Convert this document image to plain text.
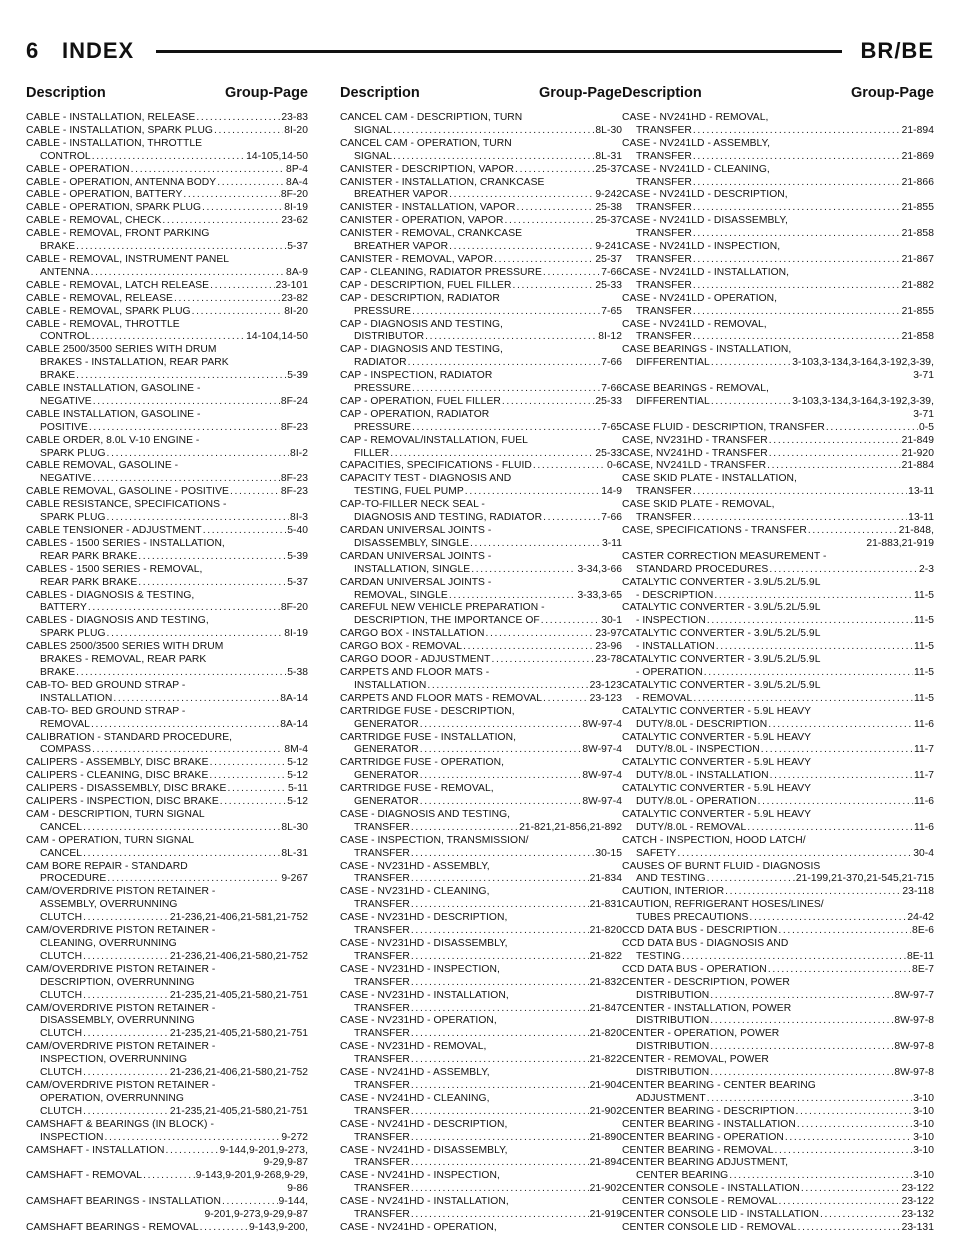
6 INDEX	BR/BE
Description	Group-Page
CABLE - INSTALLATION, RELEASE . . .	23-83
CABLE - INSTALLATION, SPARK PLUG . . .	8I-20
CABLE - INSTALLATION, THROTTLE
CONTROL . . .	14-105,14-50
CABLE - OPERATION . . .	8P-4
CABLE - OPERATION, ANTENNA BODY . . .	8A-4
CABLE - OPERATION, BATTERY . . .	8F-20
CABLE - OPERATION, SPARK PLUG . . .	8I-19
CABLE - REMOVAL, CHECK . . .	23-62
CABLE - REMOVAL, FRONT PARKING
BRAKE . . .	5-37
CABLE - REMOVAL, INSTRUMENT PANEL
ANTENNA . . .	8A-9
CABLE - REMOVAL, LATCH RELEASE . . .	23-101
CABLE - REMOVAL, RELEASE . . .	23-82
CABLE - REMOVAL, SPARK PLUG . . .	8I-20
CABLE - REMOVAL, THROTTLE
CONTROL . . .	14-104,14-50
CABLE 2500/3500 SERIES WITH DRUM
BRAKES - INSTALLATION, REAR PARK
BRAKE . . .	5-39
CABLE INSTALLATION, GASOLINE -
NEGATIVE . . .	8F-24
CABLE INSTALLATION, GASOLINE -
POSITIVE . . .	8F-23
CABLE ORDER, 8.0L V-10 ENGINE -
SPARK PLUG . . .	8I-2
CABLE REMOVAL, GASOLINE -
NEGATIVE . . .	8F-23
CABLE REMOVAL, GASOLINE - POSITIVE . . .	8F-23
CABLE RESISTANCE, SPECIFICATIONS -
SPARK PLUG . . .	8I-3
CABLE TENSIONER - ADJUSTMENT . . .	5-40
CABLES - 1500 SERIES - INSTALLATION,
REAR PARK BRAKE . . .	5-39
CABLES - 1500 SERIES - REMOVAL,
REAR PARK BRAKE . . .	5-37
CABLES - DIAGNOSIS & TESTING,
BATTERY . . .	8F-20
CABLES - DIAGNOSIS AND TESTING,
SPARK PLUG . . .	8I-19
CABLES 2500/3500 SERIES WITH DRUM
BRAKES - REMOVAL, REAR PARK
BRAKE . . .	5-38
CAB-TO- BED GROUND STRAP -
INSTALLATION . . .	8A-14
CAB-TO- BED GROUND STRAP -
REMOVAL . . .	8A-14
CALIBRATION - STANDARD PROCEDURE,
COMPASS . . .	8M-4
CALIPERS - ASSEMBLY, DISC BRAKE . . .	5-12
CALIPERS - CLEANING, DISC BRAKE . . .	5-12
CALIPERS - DISASSEMBLY, DISC BRAKE . . .	5-11
CALIPERS - INSPECTION, DISC BRAKE . . .	5-12
CAM - DESCRIPTION, TURN SIGNAL
CANCEL . . .	8L-30
CAM - OPERATION, TURN SIGNAL
CANCEL . . .	8L-31
CAM BORE REPAIR - STANDARD
PROCEDURE . . .	9-267
CAM/OVERDRIVE PISTON RETAINER -
ASSEMBLY, OVERRUNNING
CLUTCH . . .	21-236,21-406,21-581,21-752
CAM/OVERDRIVE PISTON RETAINER -
CLEANING, OVERRUNNING
CLUTCH . . .	21-236,21-406,21-580,21-752
CAM/OVERDRIVE PISTON RETAINER -
DESCRIPTION, OVERRUNNING
CLUTCH . . .	21-235,21-405,21-580,21-751
CAM/OVERDRIVE PISTON RETAINER -
DISASSEMBLY, OVERRUNNING
CLUTCH . . .	21-235,21-405,21-580,21-751
CAM/OVERDRIVE PISTON RETAINER -
INSPECTION, OVERRUNNING
CLUTCH . . .	21-236,21-406,21-580,21-752
CAM/OVERDRIVE PISTON RETAINER -
OPERATION, OVERRUNNING
CLUTCH . . .	21-235,21-405,21-580,21-751
CAMSHAFT & BEARINGS (IN BLOCK) -
INSPECTION . . .	9-272
CAMSHAFT - INSTALLATION . . .	9-144,9-201,9-273,
9-29,9-87
CAMSHAFT - REMOVAL . . .	9-143,9-201,9-268,9-29,
9-86
CAMSHAFT BEARINGS - INSTALLATION . . .	9-144,
9-201,9-273,9-29,9-87
CAMSHAFT BEARINGS - REMOVAL . . .	9-143,9-200,
Description	Group-Page
CANCEL CAM - DESCRIPTION, TURN
SIGNAL . . .	8L-30
CANCEL CAM - OPERATION, TURN
SIGNAL . . .	8L-31
CANISTER - DESCRIPTION, VAPOR . . .	25-37
CANISTER - INSTALLATION, CRANKCASE
BREATHER VAPOR . . .	9-242
CANISTER - INSTALLATION, VAPOR . . .	25-38
CANISTER - OPERATION, VAPOR . . .	25-37
CANISTER - REMOVAL, CRANKCASE
BREATHER VAPOR . . .	9-241
CANISTER - REMOVAL, VAPOR . . .	25-37
CAP - CLEANING, RADIATOR PRESSURE . . .	7-66
CAP - DESCRIPTION, FUEL FILLER . . .	25-33
CAP - DESCRIPTION, RADIATOR
PRESSURE . . .	7-65
CAP - DIAGNOSIS AND TESTING,
DISTRIBUTOR . . .	8I-12
CAP - DIAGNOSIS AND TESTING,
RADIATOR . . .	7-66
CAP - INSPECTION, RADIATOR
PRESSURE . . .	7-66
CAP - OPERATION, FUEL FILLER . . .	25-33
CAP - OPERATION, RADIATOR
PRESSURE . . .	7-65
CAP - REMOVAL/INSTALLATION, FUEL
FILLER . . .	25-33
CAPACITIES, SPECIFICATIONS - FLUID . . .	0-6
CAPACITY TEST - DIAGNOSIS AND
TESTING, FUEL PUMP . . .	14-9
CAP-TO-FILLER NECK SEAL -
DIAGNOSIS AND TESTING, RADIATOR . . .	7-66
CARDAN UNIVERSAL JOINTS -
DISASSEMBLY, SINGLE . . .	3-11
CARDAN UNIVERSAL JOINTS -
INSTALLATION, SINGLE . . .	3-34,3-66
CARDAN UNIVERSAL JOINTS -
REMOVAL, SINGLE . . .	3-33,3-65
CAREFUL NEW VEHICLE PREPARATION -
DESCRIPTION, THE IMPORTANCE OF . . .	30-1
CARGO BOX - INSTALLATION . . .	23-97
CARGO BOX - REMOVAL . . .	23-96
CARGO DOOR - ADJUSTMENT . . .	23-78
CARPETS AND FLOOR MATS -
INSTALLATION . . .	23-123
CARPETS AND FLOOR MATS - REMOVAL . . .	23-123
CARTRIDGE FUSE - DESCRIPTION,
GENERATOR . . .	8W-97-4
CARTRIDGE FUSE - INSTALLATION,
GENERATOR . . .	8W-97-4
CARTRIDGE FUSE - OPERATION,
GENERATOR . . .	8W-97-4
CARTRIDGE FUSE - REMOVAL,
GENERATOR . . .	8W-97-4
CASE - DIAGNOSIS AND TESTING,
TRANSFER . . .	21-821,21-856,21-892
CASE - INSPECTION, TRANSMISSION/
TRANSFER . . .	30-15
CASE - NV231HD - ASSEMBLY,
TRANSFER . . .	21-834
CASE - NV231HD - CLEANING,
TRANSFER . . .	21-831
CASE - NV231HD - DESCRIPTION,
TRANSFER . . .	21-820
CASE - NV231HD - DISASSEMBLY,
TRANSFER . . .	21-822
CASE - NV231HD - INSPECTION,
TRANSFER . . .	21-832
CASE - NV231HD - INSTALLATION,
TRANSFER . . .	21-847
CASE - NV231HD - OPERATION,
TRANSFER . . .	21-820
CASE - NV231HD - REMOVAL,
TRANSFER . . .	21-822
CASE - NV241HD - ASSEMBLY,
TRANSFER . . .	21-904
CASE - NV241HD - CLEANING,
TRANSFER . . .	21-902
CASE - NV241HD - DESCRIPTION,
TRANSFER . . .	21-890
CASE - NV241HD - DISASSEMBLY,
TRANSFER . . .	21-894
CASE - NV241HD - INSPECTION,
TRANSFER . . .	21-902
CASE - NV241HD - INSTALLATION,
TRANSFER . . .	21-919
CASE - NV241HD - OPERATION,
Description	Group-Page
CASE - NV241HD - REMOVAL,
TRANSFER . . .	21-894
CASE - NV241LD - ASSEMBLY,
TRANSFER . . .	21-869
CASE - NV241LD - CLEANING,
TRANSFER . . .	21-866
CASE - NV241LD - DESCRIPTION,
TRANSFER . . .	21-855
CASE - NV241LD - DISASSEMBLY,
TRANSFER . . .	21-858
CASE - NV241LD - INSPECTION,
TRANSFER . . .	21-867
CASE - NV241LD - INSTALLATION,
TRANSFER . . .	21-882
CASE - NV241LD - OPERATION,
TRANSFER . . .	21-855
CASE - NV241LD - REMOVAL,
TRANSFER . . .	21-858
CASE BEARINGS - INSTALLATION,
DIFFERENTIAL . . .	3-103,3-134,3-164,3-192,3-39,
3-71
CASE BEARINGS - REMOVAL,
DIFFERENTIAL . . .	3-103,3-134,3-164,3-192,3-39,
3-71
CASE FLUID - DESCRIPTION, TRANSFER . . .	0-5
CASE, NV231HD - TRANSFER . . .	21-849
CASE, NV241HD - TRANSFER . . .	21-920
CASE, NV241LD - TRANSFER . . .	21-884
CASE SKID PLATE - INSTALLATION,
TRANSFER . . .	13-11
CASE SKID PLATE - REMOVAL,
TRANSFER . . .	13-11
CASE, SPECIFICATIONS - TRANSFER . . .	21-848,
21-883,21-919
CASTER CORRECTION MEASUREMENT -
STANDARD PROCEDURES . . .	2-3
CATALYTIC CONVERTER - 3.9L/5.2L/5.9L
- DESCRIPTION . . .	11-5
CATALYTIC CONVERTER - 3.9L/5.2L/5.9L
- INSPECTION . . .	11-5
CATALYTIC CONVERTER - 3.9L/5.2L/5.9L
- INSTALLATION . . .	11-5
CATALYTIC CONVERTER - 3.9L/5.2L/5.9L
- OPERATION . . .	11-5
CATALYTIC CONVERTER - 3.9L/5.2L/5.9L
- REMOVAL . . .	11-5
CATALYTIC CONVERTER - 5.9L HEAVY
DUTY/8.0L - DESCRIPTION . . .	11-6
CATALYTIC CONVERTER - 5.9L HEAVY
DUTY/8.0L - INSPECTION . . .	11-7
CATALYTIC CONVERTER - 5.9L HEAVY
DUTY/8.0L - INSTALLATION . . .	11-7
CATALYTIC CONVERTER - 5.9L HEAVY
DUTY/8.0L - OPERATION . . .	11-6
CATALYTIC CONVERTER - 5.9L HEAVY
DUTY/8.0L - REMOVAL . . .	11-6
CATCH - INSPECTION, HOOD LATCH/
SAFETY . . .	30-4
CAUSES OF BURNT FLUID - DIAGNOSIS
AND TESTING . . .	21-199,21-370,21-545,21-715
CAUTION, INTERIOR . . .	23-118
CAUTION, REFRIGERANT HOSES/LINES/
TUBES PRECAUTIONS . . .	24-42
CCD DATA BUS - DESCRIPTION . . .	8E-6
CCD DATA BUS - DIAGNOSIS AND
TESTING . . .	8E-11
CCD DATA BUS - OPERATION . . .	8E-7
CENTER - DESCRIPTION, POWER
DISTRIBUTION . . .	8W-97-7
CENTER - INSTALLATION, POWER
DISTRIBUTION . . .	8W-97-8
CENTER - OPERATION, POWER
DISTRIBUTION . . .	8W-97-8
CENTER - REMOVAL, POWER
DISTRIBUTION . . .	8W-97-8
CENTER BEARING - CENTER BEARING
ADJUSTMENT . . .	3-10
CENTER BEARING - DESCRIPTION . . .	3-10
CENTER BEARING - INSTALLATION . . .	3-10
CENTER BEARING - OPERATION . . .	3-10
CENTER BEARING - REMOVAL . . .	3-10
CENTER BEARING ADJUSTMENT,
CENTER BEARING . . .	3-10
CENTER CONSOLE - INSTALLATION . . .	23-122
CENTER CONSOLE - REMOVAL . . .	23-122
CENTER CONSOLE LID - INSTALLATION . . .	23-132
CENTER CONSOLE LID - REMOVAL . . .	23-131
